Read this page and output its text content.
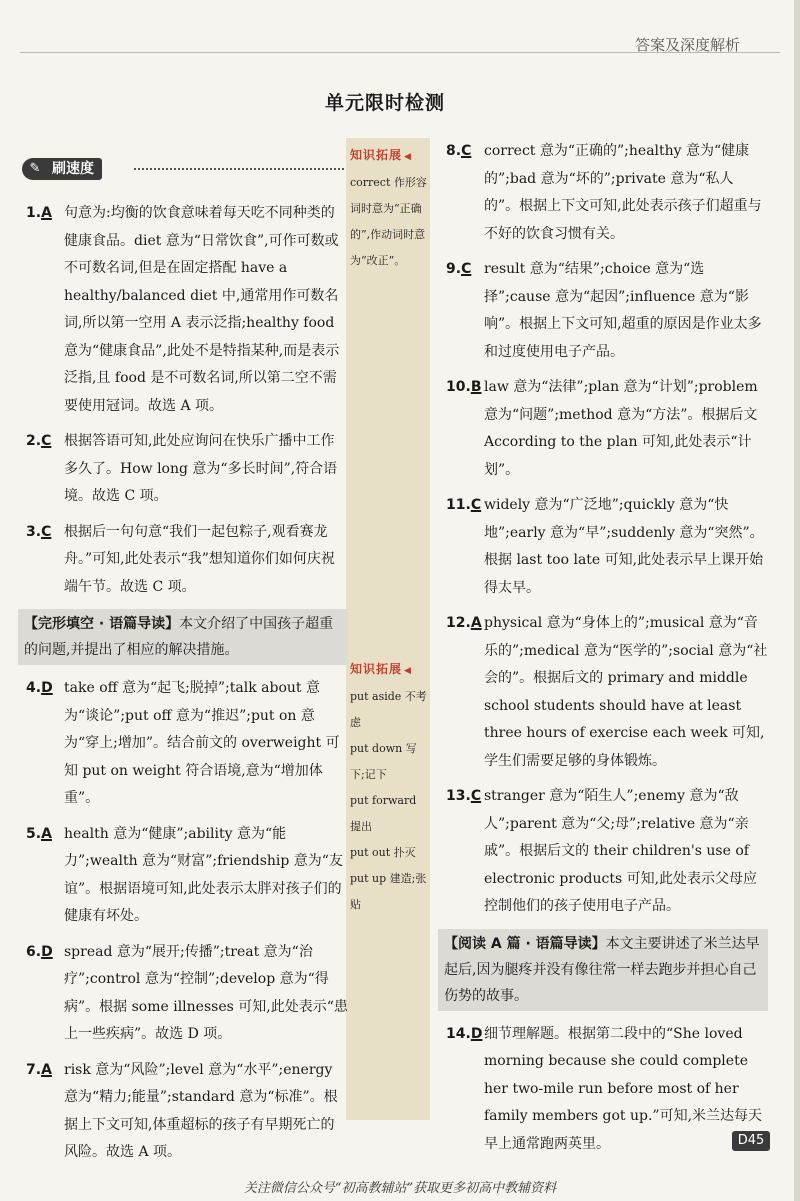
答案及深度解析
单元限时检测
✎ 刷速度
知识拓展 ◀
correct 作形容词时意为“正确的”,作动词时意为“改正”。
知识拓展 ◀
put aside 不考虑
put down 写下;记下
put forward 提出
put out 扑灭
put up 建造;张贴
1.A 句意为:均衡的饮食意味着每天吃不同种类的健康食品。diet 意为“日常饮食”,可作可数或不可数名词,但是在固定搭配 have a healthy/balanced diet 中,通常用作可数名词,所以第一空用 A 表示泛指;healthy food 意为“健康食品”,此处不是特指某种,而是表示泛指,且 food 是不可数名词,所以第二空不需要使用冠词。故选 A 项。
2.C 根据答语可知,此处应询问在快乐广播中工作多久了。How long 意为“多长时间”,符合语境。故选 C 项。
3.C 根据后一句句意“我们一起包粽子,观看赛龙舟。”可知,此处表示“我”想知道你们如何庆祝端午节。故选 C 项。
【完形填空 · 语篇导读】本文介绍了中国孩子超重的问题,并提出了相应的解决措施。
4.D take off 意为“起飞;脱掉”;talk about 意为“谈论”;put off 意为“推迟”;put on 意为“穿上;增加”。结合前文的 overweight 可知 put on weight 符合语境,意为“增加体重”。
5.A health 意为“健康”;ability 意为“能力”;wealth 意为“财富”;friendship 意为“友谊”。根据语境可知,此处表示太胖对孩子们的健康有坏处。
6.D spread 意为“展开;传播”;treat 意为“治疗”;control 意为“控制”;develop 意为“得病”。根据 some illnesses 可知,此处表示“患上一些疾病”。故选 D 项。
7.A risk 意为“风险”;level 意为“水平”;energy 意为“精力;能量”;standard 意为“标准”。根据上下文可知,体重超标的孩子有早期死亡的风险。故选 A 项。
8.C correct 意为“正确的”;healthy 意为“健康的”;bad 意为“坏的”;private 意为“私人的”。根据上下文可知,此处表示孩子们超重与不好的饮食习惯有关。
9.C result 意为“结果”;choice 意为“选择”;cause 意为“起因”;influence 意为“影响”。根据上下文可知,超重的原因是作业太多和过度使用电子产品。
10.B law 意为“法律”;plan 意为“计划”;problem 意为“问题”;method 意为“方法”。根据后文 According to the plan 可知,此处表示“计划”。
11.C widely 意为“广泛地”;quickly 意为“快地”;early 意为“早”;suddenly 意为“突然”。根据 last too late 可知,此处表示早上课开始得太早。
12.A physical 意为“身体上的”;musical 意为“音乐的”;medical 意为“医学的”;social 意为“社会的”。根据后文的 primary and middle school students should have at least three hours of exercise each week 可知,学生们需要足够的身体锻炼。
13.C stranger 意为“陌生人”;enemy 意为“敌人”;parent 意为“父;母”;relative 意为“亲戚”。根据后文的 their children's use of electronic products 可知,此处表示父母应控制他们的孩子使用电子产品。
【阅读 A 篇 · 语篇导读】本文主要讲述了米兰达早起后,因为腿疼并没有像往常一样去跑步并担心自己伤势的故事。
14.D 细节理解题。根据第二段中的“She loved morning because she could complete her two-mile run before most of her family members got up.”可知,米兰达每天早上通常跑两英里。	D45
关注微信公众号“初高教辅站”获取更多初高中教辅资料
